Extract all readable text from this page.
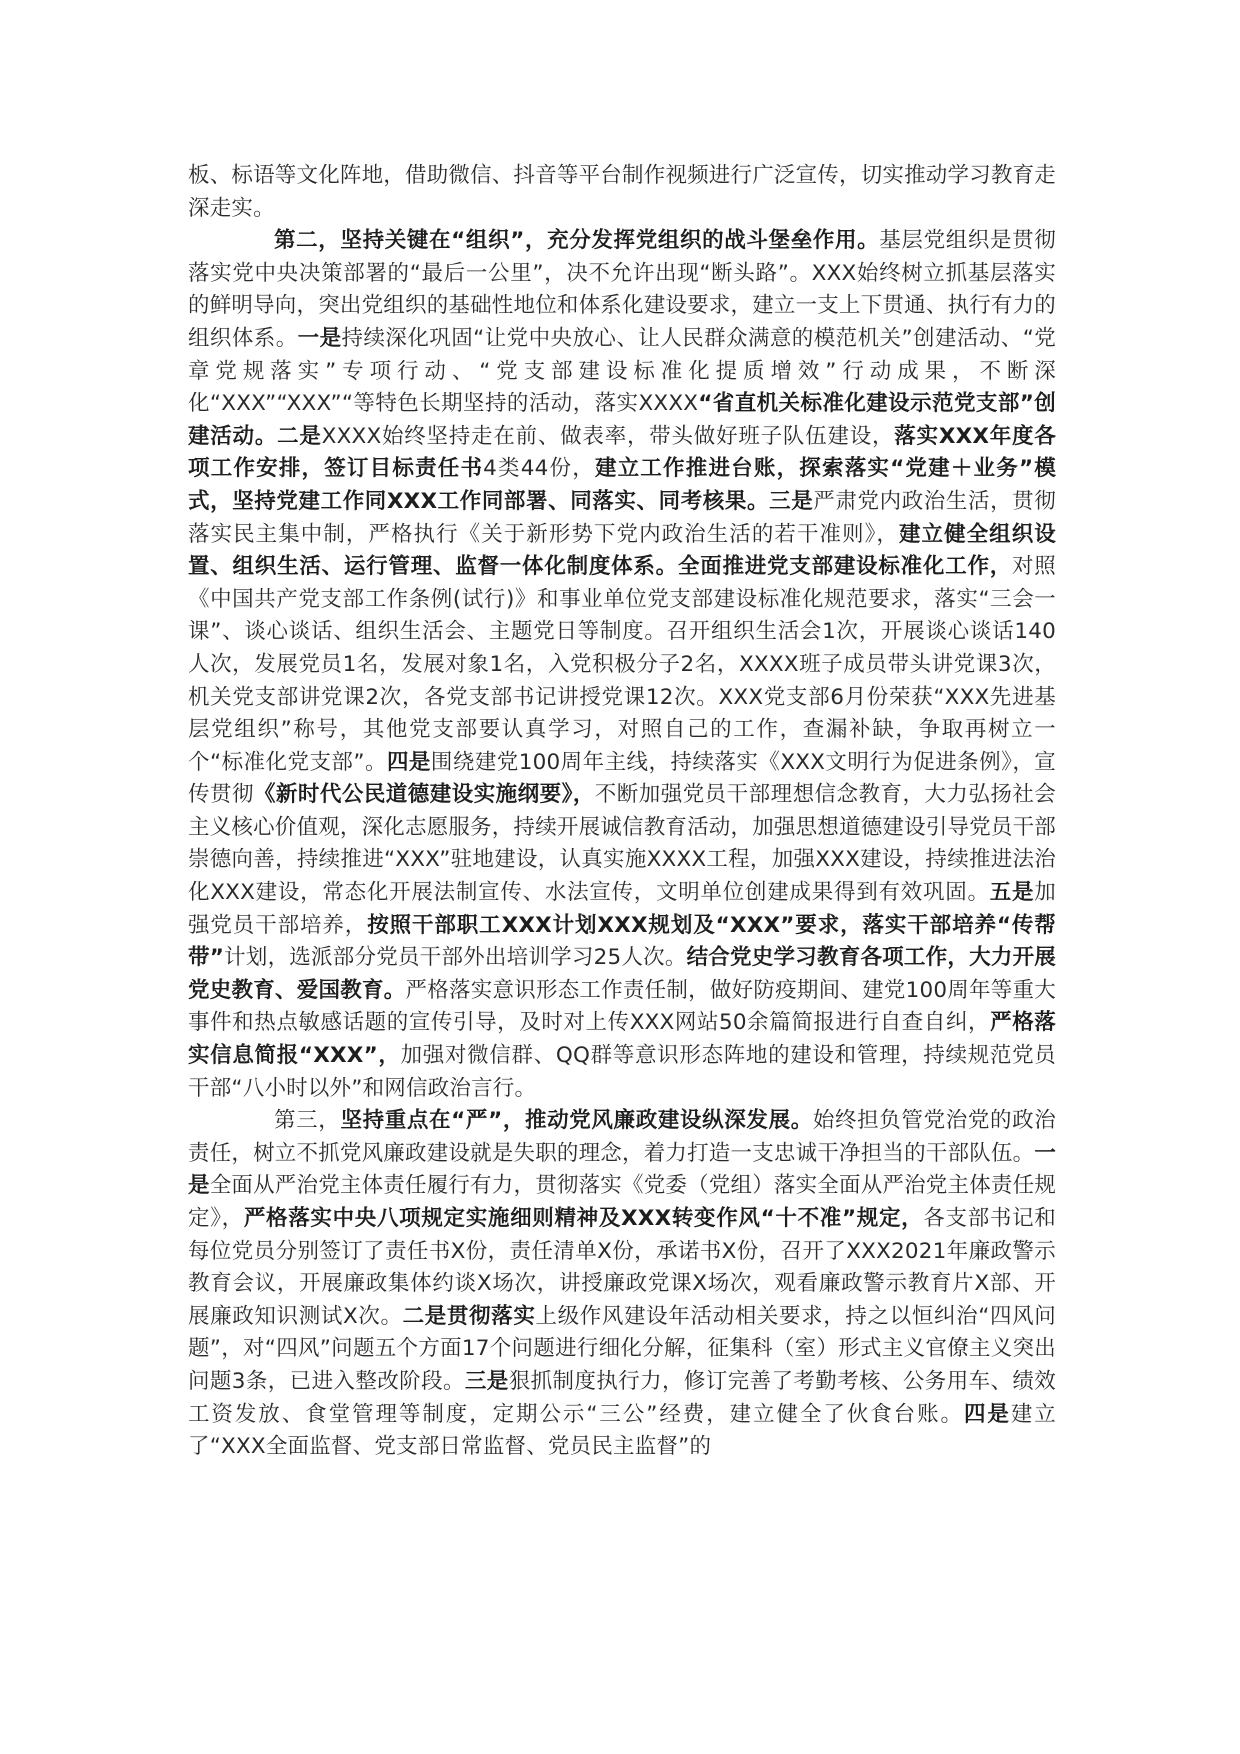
板、标语等文化阵地，借助微信、抖音等平台制作视频进行广泛宣传，切实推动学习教育走深走实。

第二，坚持关键在“组织”，充分发挥党组织的战斗堡垒作用。基层党组织是贯彻落实党中央决策部署的“最后一公里”，决不允许出现“断头路”。XXX始终树立抓基层落实的鲜明导向，突出党组织的基础性地位和体系化建设要求，建立一支上下贯通、执行有力的组织体系。一是持续深化巩固“让党中央放心、让人民群众满意的模范机关”创建活动、“党章党规落实”专项行动、“党支部建设标准化提质增效”行动成果，不断深化“XXX”“XXX”“等特色长期坚持的活动，落实XXXX“省直机关标准化建设示范党支部”创建活动。二是XXXX始终坚持走在前、做表率，带头做好班子队伍建设，落实XXX年度各项工作安排，签订目标责任书4类44份，建立工作推进台账，探索落实“党建＋业务”模式，坚持党建工作同XXX工作同部署、同落实、同考核果。三是严肃党内政治生活，贯彻落实民主集中制，严格执行《关于新形势下党内政治生活的若干准则》，建立健全组织设置、组织生活、运行管理、监督一体化制度体系。全面推进党支部建设标准化工作，对照《中国共产党支部工作条例(试行)》和事业单位党支部建设标准化规范要求，落实“三会一课”、谈心谈话、组织生活会、主题党日等制度。召开组织生活会1次，开展谈心谈话140人次，发展党员1名，发展对象1名，入党积极分子2名，XXXX班子成员带头讲党课3次，机关党支部讲党课2次，各党支部书记讲授党课12次。XXX党支部6月份荣获“XXX先进基层党组织”称号，其他党支部要认真学习，对照自己的工作，查漏补缺，争取再树立一个“标准化党支部”。四是围绕建党100周年主线，持续落实《XXX文明行为促进条例》，宣传贯彻《新时代公民道德建设实施纲要》，不断加强党员干部理想信念教育，大力弘扬社会主义核心价值观，深化志愿服务，持续开展诚信教育活动，加强思想道德建设引导党员干部崇德向善，持续推进“XXX”驻地建设，认真实施XXXX工程，加强XXX建设，持续推进法治化XXX建设，常态化开展法制宣传、水法宣传，文明单位创建成果得到有效巩固。五是加强党员干部培养，按照干部职工XXX计划XXX规划及“XXX”要求，落实干部培养“传帮带”计划，选派部分党员干部外出培训学习25人次。结合党史学习教育各项工作，大力开展党史教育、爱国教育。严格落实意识形态工作责任制，做好防疫期间、建党100周年等重大事件和热点敏感话题的宣传引导，及时对上传XXX网站50余篇简报进行自查自纠，严格落实信息简报“XXX”，加强对微信群、QQ群等意识形态阵地的建设和管理，持续规范党员干部“八小时以外”和网信政治言行。

第三，坚持重点在“严”，推动党风廉政建设纵深发展。始终担负管党治党的政治责任，树立不抓党风廉政建设就是失职的理念，着力打造一支忠诚干净担当的干部队伍。一是全面从严治党主体责任履行有力，贯彻落实《党委（党组）落实全面从严治党主体责任规定》，严格落实中央八项规定实施细则精神及XXX转变作风“十不准”规定，各支部书记和每位党员分别签订了责任书X份，责任清单X份，承诺书X份，召开了XXX2021年廉政警示教育会议，开展廉政集体约谈X场次，讲授廉政党课X场次，观看廉政警示教育片X部、开展廉政知识测试X次。二是贯彻落实上级作风建设年活动相关要求，持之以恒纠治“四风问题”，对“四风”问题五个方面17个问题进行细化分解，征集科（室）形式主义官僚主义突出问题3条，已进入整改阶段。三是狠抓制度执行力，修订完善了考勤考核、公务用车、绩效工资发放、食堂管理等制度，定期公示“三公”经费，建立健全了伙食台账。四是建立了“XXX全面监督、党支部日常监督、党员民主监督”的
